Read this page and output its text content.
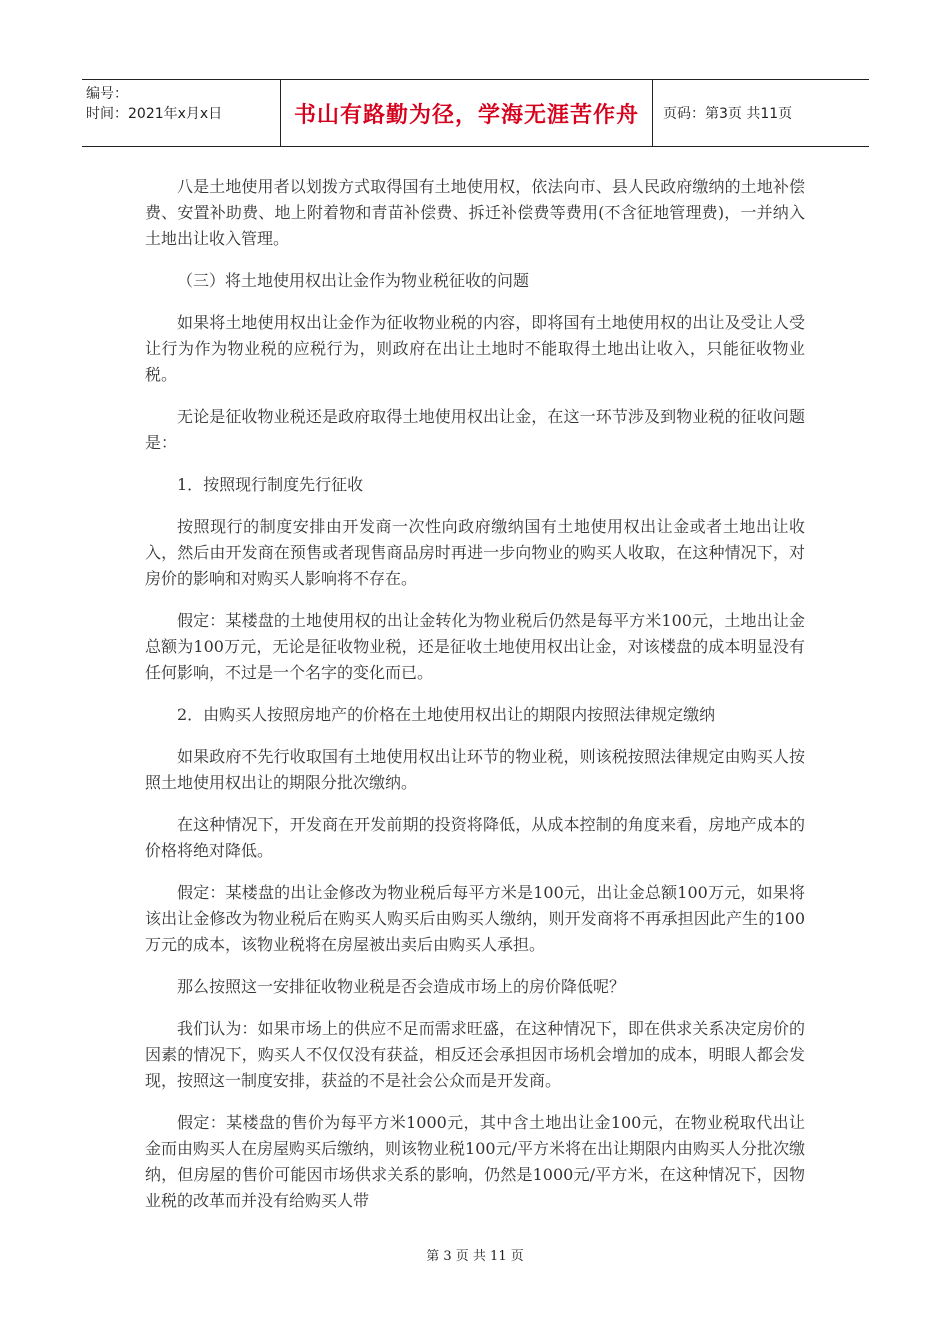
编号：
时间：2021年x月x日	书山有路勤为径，学海无涯苦作舟	页码：第3页 共11页

八是土地使用者以划拨方式取得国有土地使用权，依法向市、县人民政府缴纳的土地补偿费、安置补助费、地上附着物和青苗补偿费、拆迁补偿费等费用(不含征地管理费)，一并纳入土地出让收入管理。

（三）将土地使用权出让金作为物业税征收的问题

如果将土地使用权出让金作为征收物业税的内容，即将国有土地使用权的出让及受让人受让行为作为物业税的应税行为，则政府在出让土地时不能取得土地出让收入，只能征收物业税。

无论是征收物业税还是政府取得土地使用权出让金，在这一环节涉及到物业税的征收问题是：

1．按照现行制度先行征收

按照现行的制度安排由开发商一次性向政府缴纳国有土地使用权出让金或者土地出让收入，然后由开发商在预售或者现售商品房时再进一步向物业的购买人收取，在这种情况下，对房价的影响和对购买人影响将不存在。

假定：某楼盘的土地使用权的出让金转化为物业税后仍然是每平方米100元，土地出让金总额为100万元，无论是征收物业税，还是征收土地使用权出让金，对该楼盘的成本明显没有任何影响，不过是一个名字的变化而已。

2．由购买人按照房地产的价格在土地使用权出让的期限内按照法律规定缴纳

如果政府不先行收取国有土地使用权出让环节的物业税，则该税按照法律规定由购买人按照土地使用权出让的期限分批次缴纳。

在这种情况下，开发商在开发前期的投资将降低，从成本控制的角度来看，房地产成本的价格将绝对降低。

假定：某楼盘的出让金修改为物业税后每平方米是100元，出让金总额100万元，如果将该出让金修改为物业税后在购买人购买后由购买人缴纳，则开发商将不再承担因此产生的100万元的成本，该物业税将在房屋被出卖后由购买人承担。

那么按照这一安排征收物业税是否会造成市场上的房价降低呢？

我们认为：如果市场上的供应不足而需求旺盛，在这种情况下，即在供求关系决定房价的因素的情况下，购买人不仅仅没有获益，相反还会承担因市场机会增加的成本，明眼人都会发现，按照这一制度安排，获益的不是社会公众而是开发商。

假定：某楼盘的售价为每平方米1000元，其中含土地出让金100元，在物业税取代出让金而由购买人在房屋购买后缴纳，则该物业税100元/平方米将在出让期限内由购买人分批次缴纳，但房屋的售价可能因市场供求关系的影响，仍然是1000元/平方米，在这种情况下，因物业税的改革而并没有给购买人带

第 3 页 共 11 页
